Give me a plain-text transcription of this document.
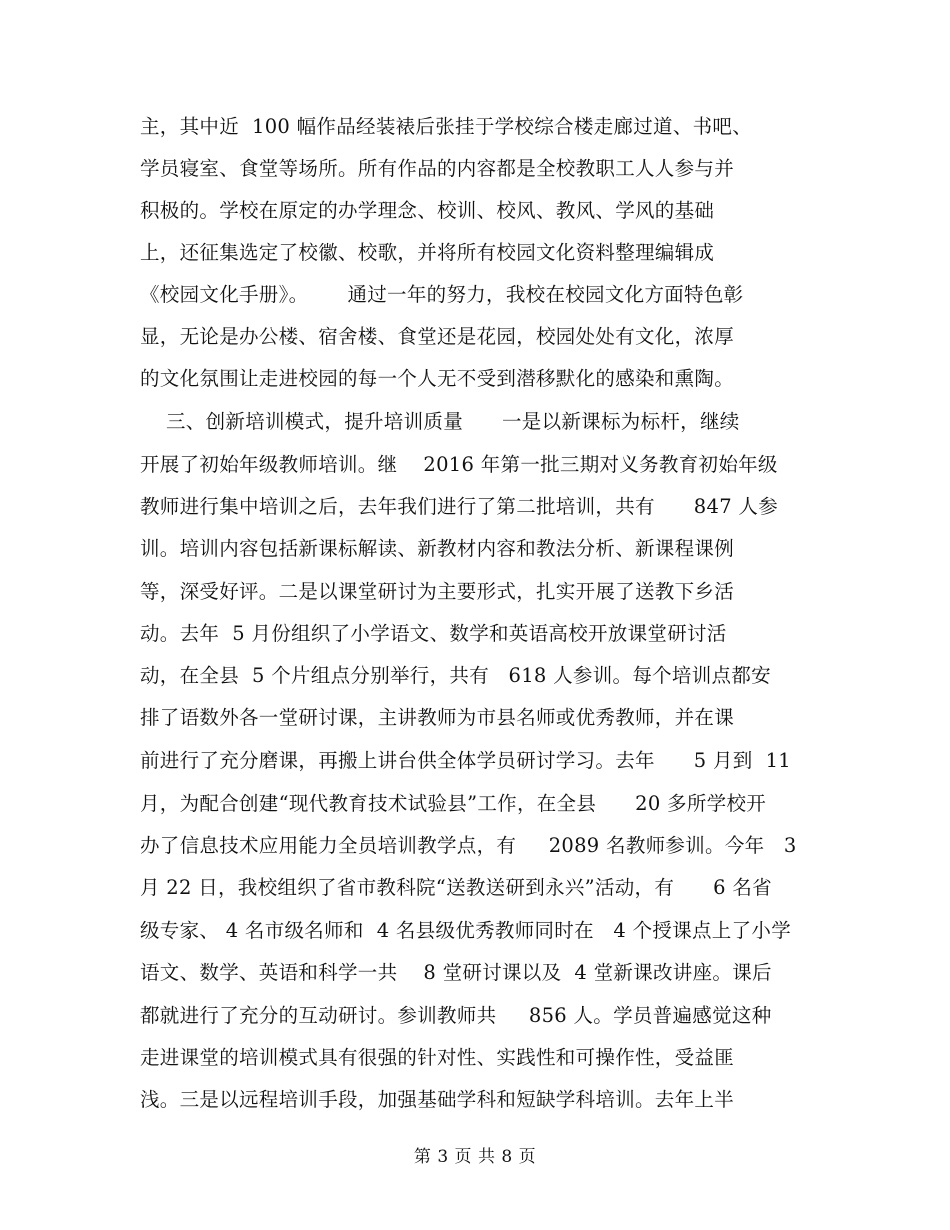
主，其中近  100 幅作品经装裱后张挂于学校综合楼走廊过道、书吧、
学员寝室、食堂等场所。所有作品的内容都是全校教职工人人参与并
积极的。学校在原定的办学理念、校训、校风、教风、学风的基础
上，还征集选定了校徽、校歌，并将所有校园文化资料整理编辑成
《校园文化手册》。      通过一年的努力，我校在校园文化方面特色彰
显，无论是办公楼、宿舍楼、食堂还是花园，校园处处有文化，浓厚
的文化氛围让走进校园的每一个人无不受到潜移默化的感染和熏陶。
三、创新培训模式，提升培训质量      一是以新课标为标杆，继续
开展了初始年级教师培训。继    2016 年第一批三期对义务教育初始年级
教师进行集中培训之后，去年我们进行了第二批培训，共有      847 人参
训。培训内容包括新课标解读、新教材内容和教法分析、新课程课例
等，深受好评。二是以课堂研讨为主要形式，扎实开展了送教下乡活
动。去年  5 月份组织了小学语文、数学和英语高校开放课堂研讨活
动，在全县  5 个片组点分别举行，共有   618 人参训。每个培训点都安
排了语数外各一堂研讨课，主讲教师为市县名师或优秀教师，并在课
前进行了充分磨课，再搬上讲台供全体学员研讨学习。去年      5 月到  11
月，为配合创建“现代教育技术试验县”工作，在全县      20 多所学校开
办了信息技术应用能力全员培训教学点，有     2089 名教师参训。今年   3
月 22 日，我校组织了省市教科院“送教送研到永兴”活动，有      6 名省
级专家、 4 名市级名师和  4 名县级优秀教师同时在   4 个授课点上了小学
语文、数学、英语和科学一共    8 堂研讨课以及  4 堂新课改讲座。课后
都就进行了充分的互动研讨。参训教师共     856 人。学员普遍感觉这种
走进课堂的培训模式具有很强的针对性、实践性和可操作性，受益匪
浅。三是以远程培训手段，加强基础学科和短缺学科培训。去年上半
第 3 页 共 8 页
